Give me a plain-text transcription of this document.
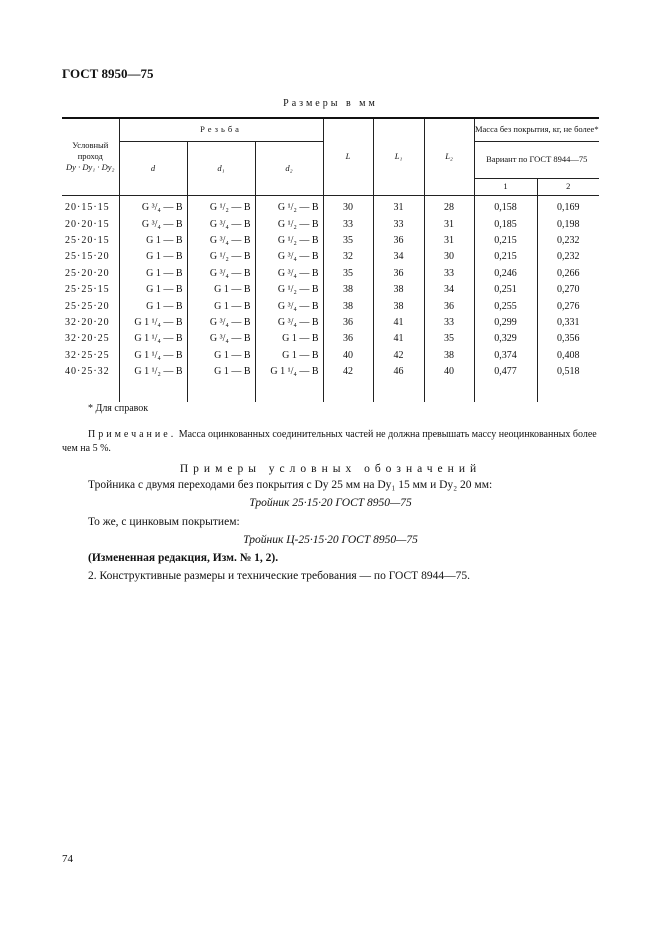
ГОСТ 8950—75
Размеры в мм
Условный проход
Dу · Dу₁ · Dу₂	Резьба			L	L₁	L₂	Масса без покрытия, кг, не более*	
	d	d₁	d₂				Вариант по ГОСТ 8944—75	
							1	2
20·15·15	G ³/₄ — B	G ¹/₂ — B	G ¹/₂ — B	30	31	28	0,158	0,169
20·20·15	G ³/₄ — B	G ³/₄ — B	G ¹/₂ — B	33	33	31	0,185	0,198
25·20·15	G 1 — B	G ³/₄ — B	G ¹/₂ — B	35	36	31	0,215	0,232
25·15·20	G 1 — B	G ¹/₂ — B	G ³/₄ — B	32	34	30	0,215	0,232
25·20·20	G 1 — B	G ³/₄ — B	G ³/₄ — B	35	36	33	0,246	0,266
25·25·15	G 1 — B	G 1 — B	G ¹/₂ — B	38	38	34	0,251	0,270
25·25·20	G 1 — B	G 1 — B	G ³/₄ — B	38	38	36	0,255	0,276
32·20·20	G 1 ¹/₄ — B	G ³/₄ — B	G ³/₄ — B	36	41	33	0,299	0,331
32·20·25	G 1 ¹/₄ — B	G ³/₄ — B	G 1 — B	36	41	35	0,329	0,356
32·25·25	G 1 ¹/₄ — B	G 1 — B	G 1 — B	40	42	38	0,374	0,408
40·25·32	G 1 ¹/₂ — B	G 1 — B	G 1 ¹/₄ — B	42	46	40	0,477	0,518

* Для справок
Примечание. Масса оцинкованных соединительных частей не должна превышать массу неоцинкованных более чем на 5 %.
Примеры условных обозначений
Тройника с двумя переходами без покрытия с Dу 25 мм на Dу₁ 15 мм и Dу₂ 20 мм:
Тройник 25·15·20 ГОСТ 8950—75
То же, с цинковым покрытием:
Тройник Ц-25·15·20 ГОСТ 8950—75
(Измененная редакция, Изм. № 1, 2).
2. Конструктивные размеры и технические требования — по ГОСТ 8944—75.
74
